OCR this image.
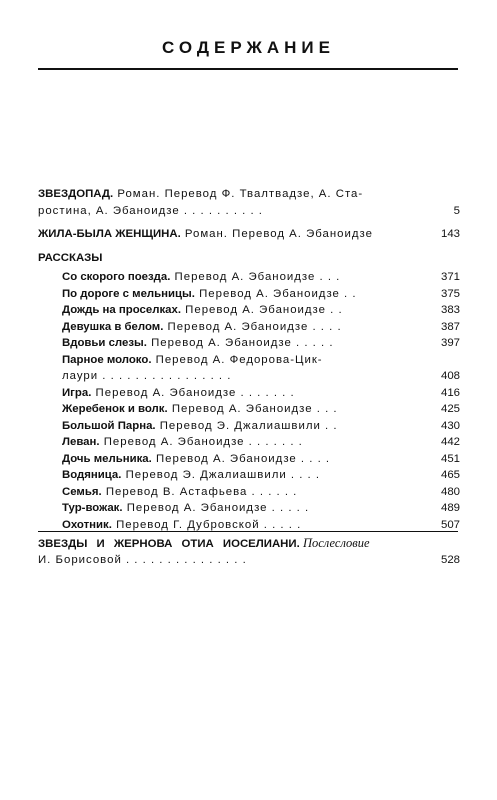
СОДЕРЖАНИЕ
ЗВЕЗДОПАД. Роман. Перевод Ф. Твалтвадзе, А. Ста-
ростина, А. Эбаноидзе . . . . . . . . . .	5
ЖИЛА-БЫЛА ЖЕНЩИНА. Роман. Перевод А. Эбаноидзе	143
РАССКАЗЫ
Со скорого поезда. Перевод А. Эбаноидзе . . .	371
По дороге с мельницы. Перевод А. Эбаноидзе . .	375
Дождь на проселках. Перевод А. Эбаноидзе . .	383
Девушка в белом. Перевод А. Эбаноидзе . . . .	387
Вдовьи слезы. Перевод А. Эбаноидзе . . . . .	397
Парное молоко. Перевод А. Федорова-Цик-
лаури . . . . . . . . . . . . . . . .	408
Игра. Перевод А. Эбаноидзе . . . . . . .	416
Жеребенок и волк. Перевод А. Эбаноидзе . . .	425
Большой Парна. Перевод Э. Джалиашвили . .	430
Леван. Перевод А. Эбаноидзе . . . . . . .	442
Дочь мельника. Перевод А. Эбаноидзе . . . .	451
Водяница. Перевод Э. Джалиашвили . . . .	465
Семья. Перевод В. Астафьева . . . . . .	480
Тур-вожак. Перевод А. Эбаноидзе . . . . .	489
Охотник. Перевод Г. Дубровской . . . . .	507
ЗВЕЗДЫ И ЖЕРНОВА ОТИА ИОСЕЛИАНИ. Послесловие
И. Борисовой . . . . . . . . . . . . . . .	528
